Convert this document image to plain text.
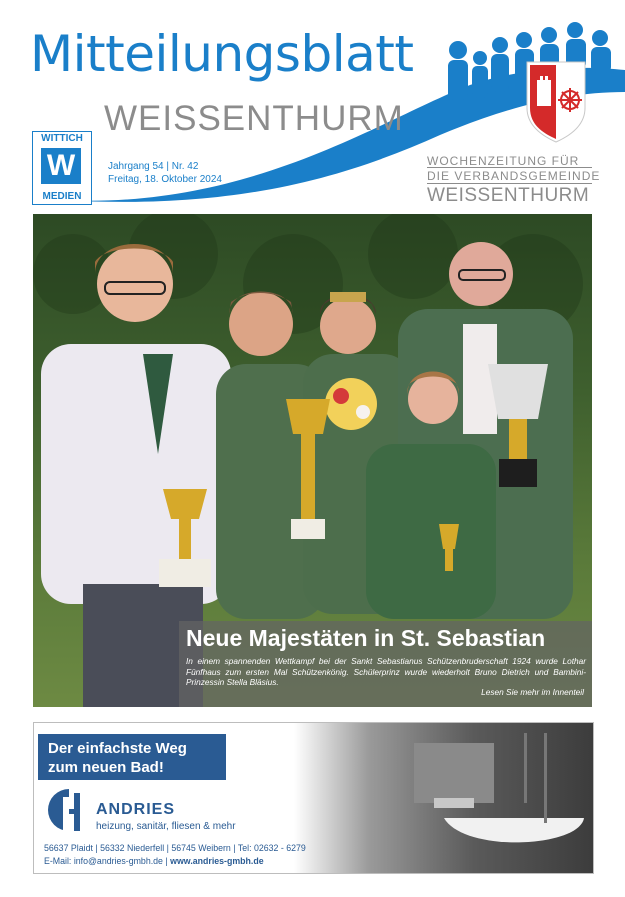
Mitteilungsblatt
WEISSENTHURM
WITTICH
W
MEDIEN
Jahrgang 54 | Nr. 42
Freitag, 18. Oktober 2024
WOCHENZEITUNG FÜR
DIE VERBANDSGEMEINDE
WEISSENTHURM
Neue Majestäten in St. Sebastian
In einem spannenden Wettkampf bei der Sankt Sebastianus Schützenbruderschaft 1924 wurde Lothar Fünfhaus zum ersten Mal Schützenkönig. Schülerprinz wurde wiederholt Bruno Dietrich und Bambini-Prinzessin Stella Bläsius.
Lesen Sie mehr im Innenteil
Der einfachste Weg
zum neuen Bad!
ANDRIES
heizung, sanitär, fliesen & mehr
56637 Plaidt | 56332 Niederfell | 56745 Weibern | Tel: 02632 - 6279
E-Mail: info@andries-gmbh.de | www.andries-gmbh.de
